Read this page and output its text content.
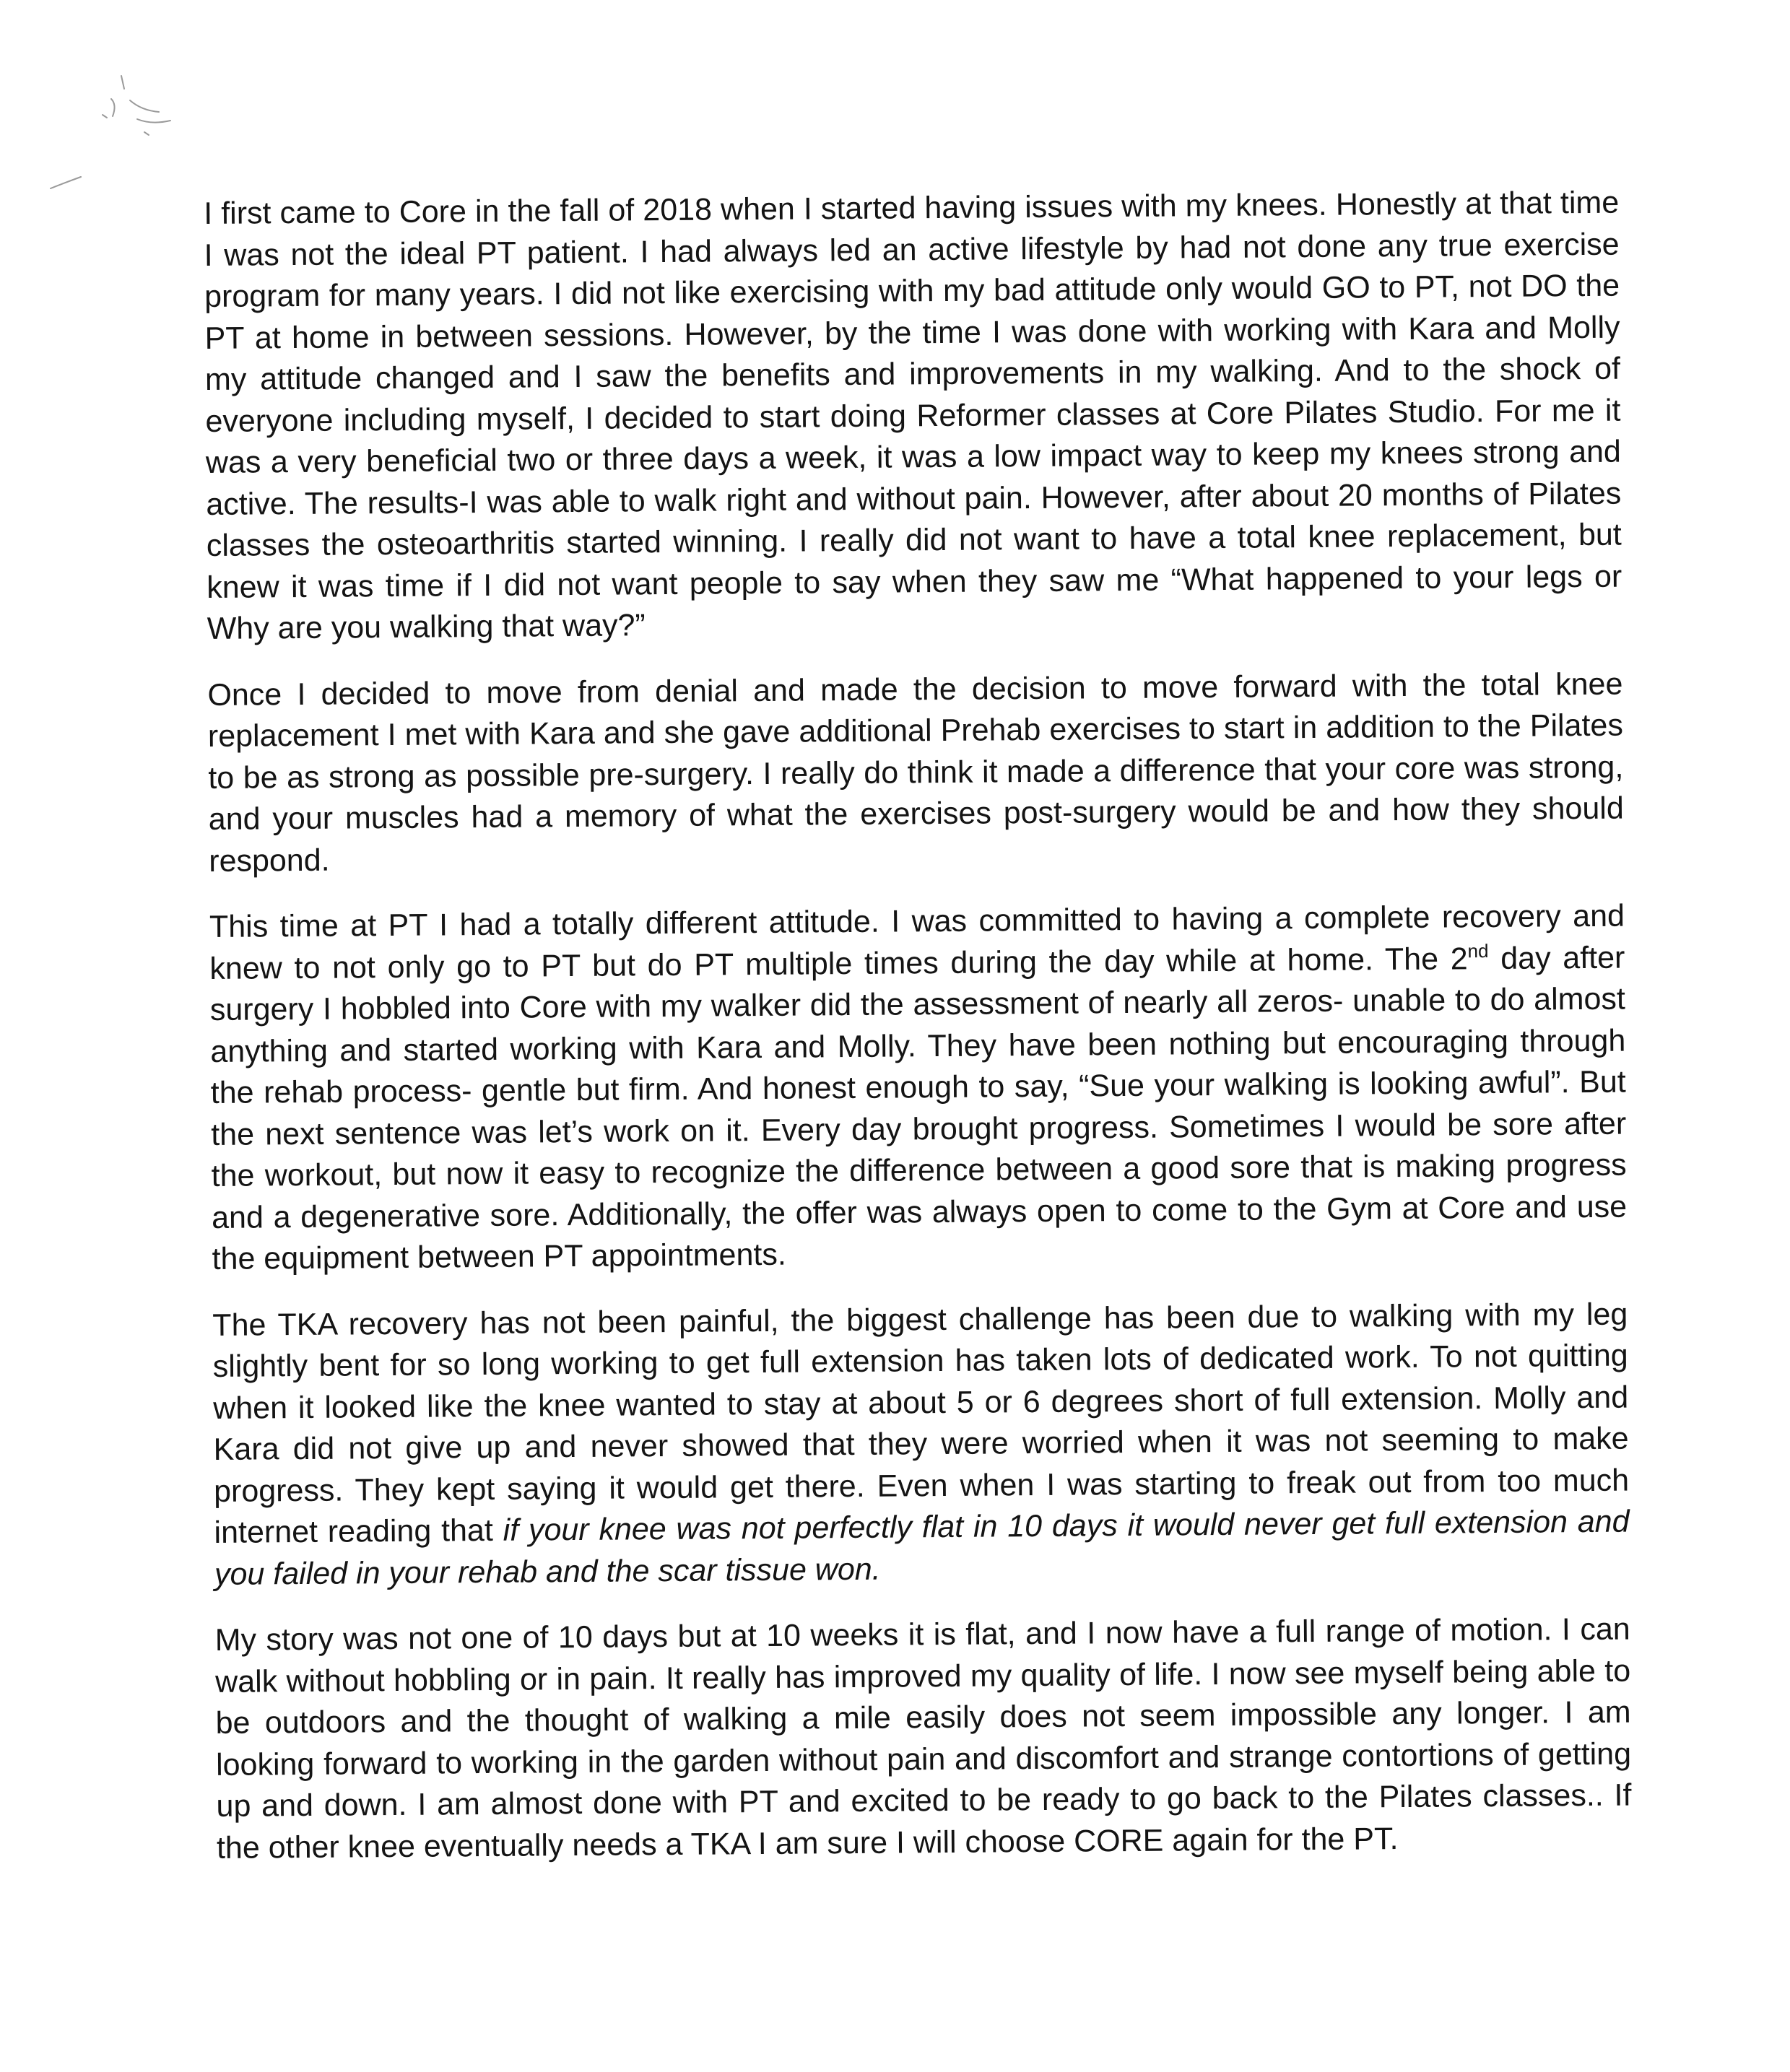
I first came to Core in the fall of 2018 when I started having issues with my knees. Honestly at that time I was not the ideal PT patient. I had always led an active lifestyle by had not done any true exercise program for many years. I did not like exercising with my bad attitude only would GO to PT, not DO the PT at home in between sessions. However, by the time I was done with working with Kara and Molly my attitude changed and I saw the benefits and improvements in my walking. And to the shock of everyone including myself, I decided to start doing Reformer classes at Core Pilates Studio. For me it was a very beneficial two or three days a week, it was a low impact way to keep my knees strong and active. The results-I was able to walk right and without pain. However, after about 20 months of Pilates classes the osteoarthritis started winning. I really did not want to have a total knee replacement, but knew it was time if I did not want people to say when they saw me “What happened to your legs or Why are you walking that way?”

Once I decided to move from denial and made the decision to move forward with the total knee replacement I met with Kara and she gave additional Prehab exercises to start in addition to the Pilates to be as strong as possible pre-surgery. I really do think it made a difference that your core was strong, and your muscles had a memory of what the exercises post-surgery would be and how they should respond.

This time at PT I had a totally different attitude. I was committed to having a complete recovery and knew to not only go to PT but do PT multiple times during the day while at home. The 2nd day after surgery I hobbled into Core with my walker did the assessment of nearly all zeros- unable to do almost anything and started working with Kara and Molly. They have been nothing but encouraging through the rehab process- gentle but firm. And honest enough to say, “Sue your walking is looking awful”. But the next sentence was let’s work on it. Every day brought progress. Sometimes I would be sore after the workout, but now it easy to recognize the difference between a good sore that is making progress and a degenerative sore. Additionally, the offer was always open to come to the Gym at Core and use the equipment between PT appointments.

The TKA recovery has not been painful, the biggest challenge has been due to walking with my leg slightly bent for so long working to get full extension has taken lots of dedicated work. To not quitting when it looked like the knee wanted to stay at about 5 or 6 degrees short of full extension. Molly and Kara did not give up and never showed that they were worried when it was not seeming to make progress. They kept saying it would get there. Even when I was starting to freak out from too much internet reading that if your knee was not perfectly flat in 10 days it would never get full extension and you failed in your rehab and the scar tissue won.

My story was not one of 10 days but at 10 weeks it is flat, and I now have a full range of motion. I can walk without hobbling or in pain. It really has improved my quality of life. I now see myself being able to be outdoors and the thought of walking a mile easily does not seem impossible any longer. I am looking forward to working in the garden without pain and discomfort and strange contortions of getting up and down. I am almost done with PT and excited to be ready to go back to the Pilates classes.. If the other knee eventually needs a TKA I am sure I will choose CORE again for the PT.
